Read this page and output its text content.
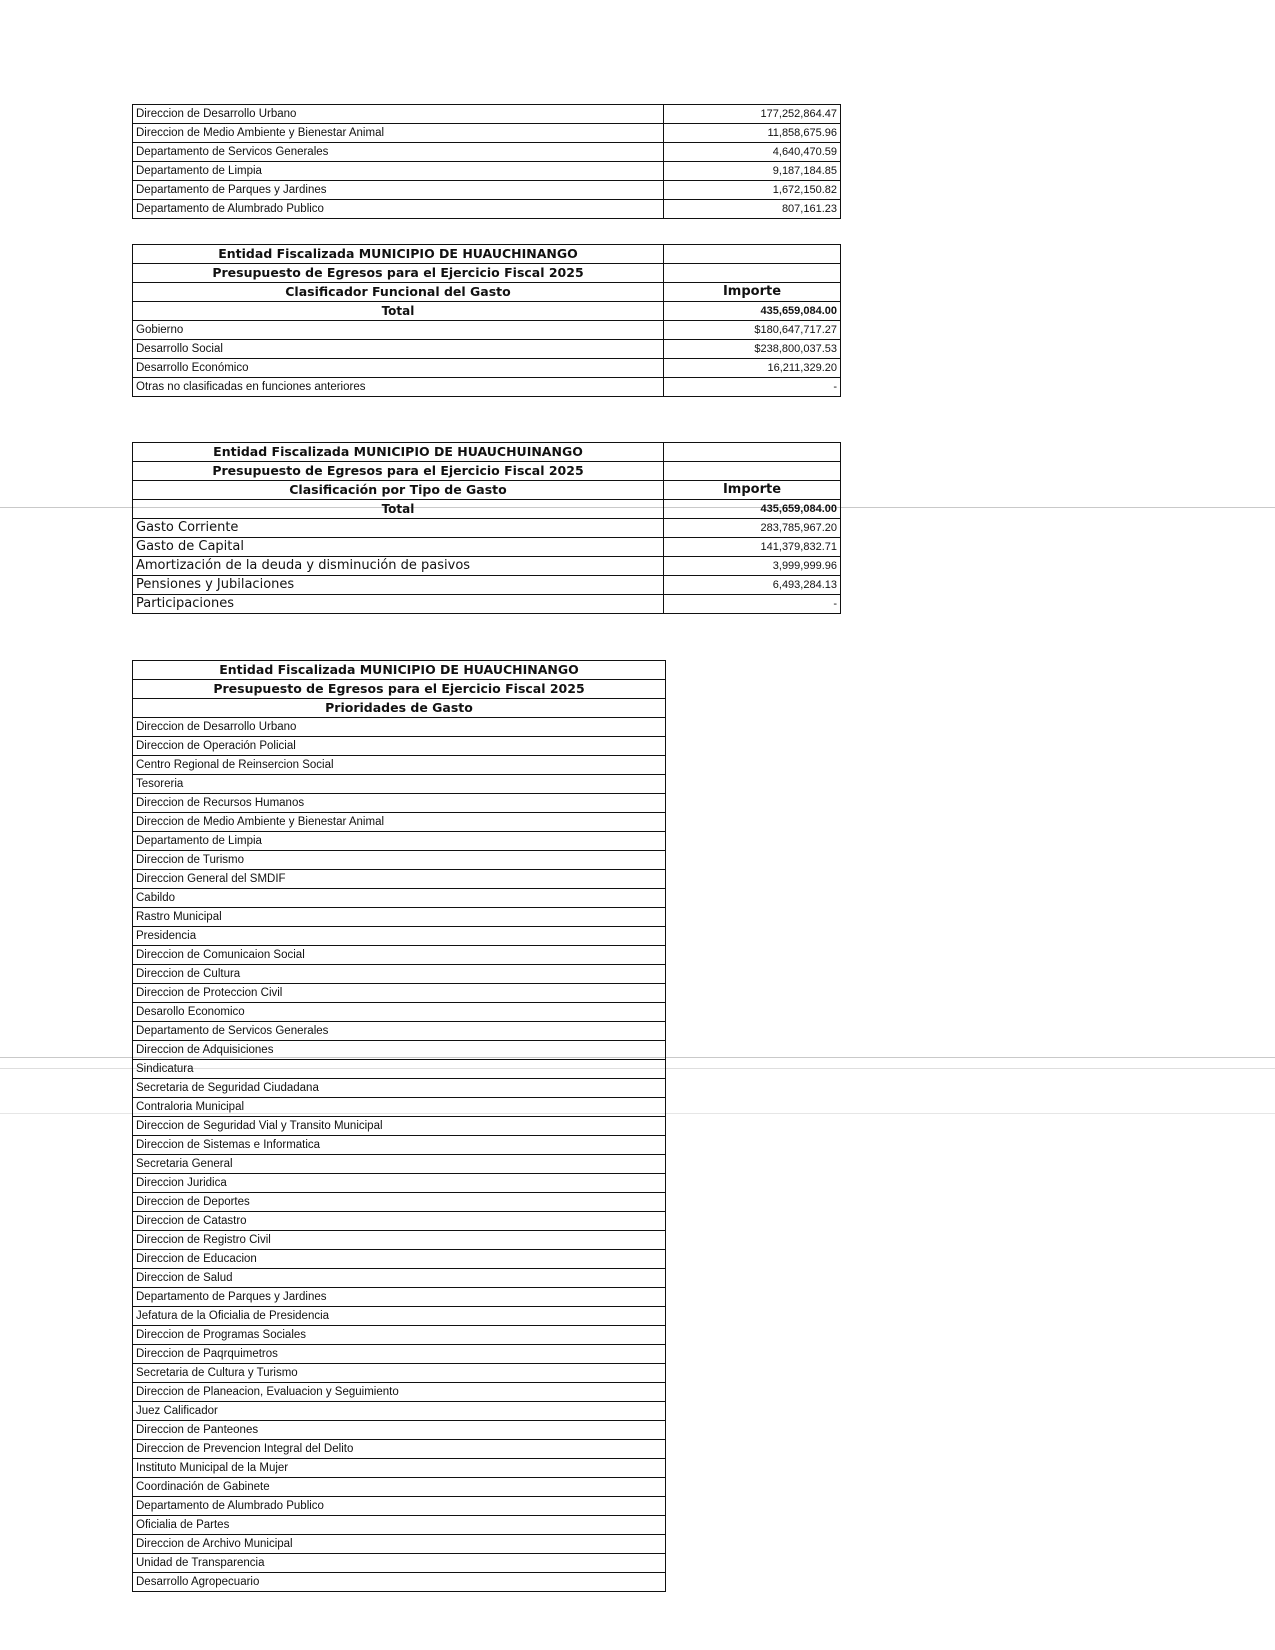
Direccion de Desarrollo Urbano	177,252,864.47
Direccion de Medio Ambiente y Bienestar Animal	11,858,675.96
Departamento de Servicos Generales	4,640,470.59
Departamento de Limpia	9,187,184.85
Departamento de Parques y Jardines	1,672,150.82
Departamento de Alumbrado Publico	807,161.23
Entidad Fiscalizada MUNICIPIO DE HUAUCHINANGO	
Presupuesto de Egresos para el Ejercicio Fiscal 2025	
Clasificador Funcional del Gasto	Importe
Total	435,659,084.00
Gobierno	$180,647,717.27
Desarrollo Social	$238,800,037.53
Desarrollo Económico	16,211,329.20
Otras no clasificadas en funciones anteriores	-
Entidad Fiscalizada MUNICIPIO DE HUAUCHUINANGO	
Presupuesto de Egresos para el Ejercicio Fiscal 2025	
Clasificación por Tipo de Gasto	Importe
Total	435,659,084.00
Gasto Corriente	283,785,967.20
Gasto de Capital	141,379,832.71
Amortización de la deuda y disminución de pasivos	3,999,999.96
Pensiones y Jubilaciones	6,493,284.13
Participaciones	-
Entidad Fiscalizada MUNICIPIO DE HUAUCHINANGO
Presupuesto de Egresos para el Ejercicio Fiscal 2025
Prioridades de Gasto
Direccion de Desarrollo Urbano
Direccion de Operación Policial
Centro Regional de Reinsercion Social
Tesoreria
Direccion de Recursos Humanos
Direccion de Medio Ambiente y Bienestar Animal
Departamento de Limpia
Direccion de Turismo
Direccion General del SMDIF
Cabildo
Rastro Municipal
Presidencia
Direccion de Comunicaion Social
Direccion de Cultura
Direccion de Proteccion Civil
Desarollo Economico
Departamento de Servicos Generales
Direccion de Adquisiciones
Sindicatura
Secretaria de Seguridad Ciudadana
Contraloria Municipal
Direccion de Seguridad Vial y Transito Municipal
Direccion de Sistemas e Informatica
Secretaria General
Direccion Juridica
Direccion de Deportes
Direccion de Catastro
Direccion de Registro Civil
Direccion de Educacion
Direccion de Salud
Departamento de Parques y Jardines
Jefatura de la Oficialia de Presidencia
Direccion de Programas Sociales
Direccion de Paqrquimetros
Secretaria de Cultura y Turismo
Direccion de Planeacion, Evaluacion y Seguimiento
Juez Calificador
Direccion de Panteones
Direccion de Prevencion Integral del Delito
Instituto Municipal de la Mujer
Coordinación de Gabinete
Departamento de Alumbrado Publico
Oficialia de Partes
Direccion de Archivo Municipal
Unidad de Transparencia
Desarrollo Agropecuario
